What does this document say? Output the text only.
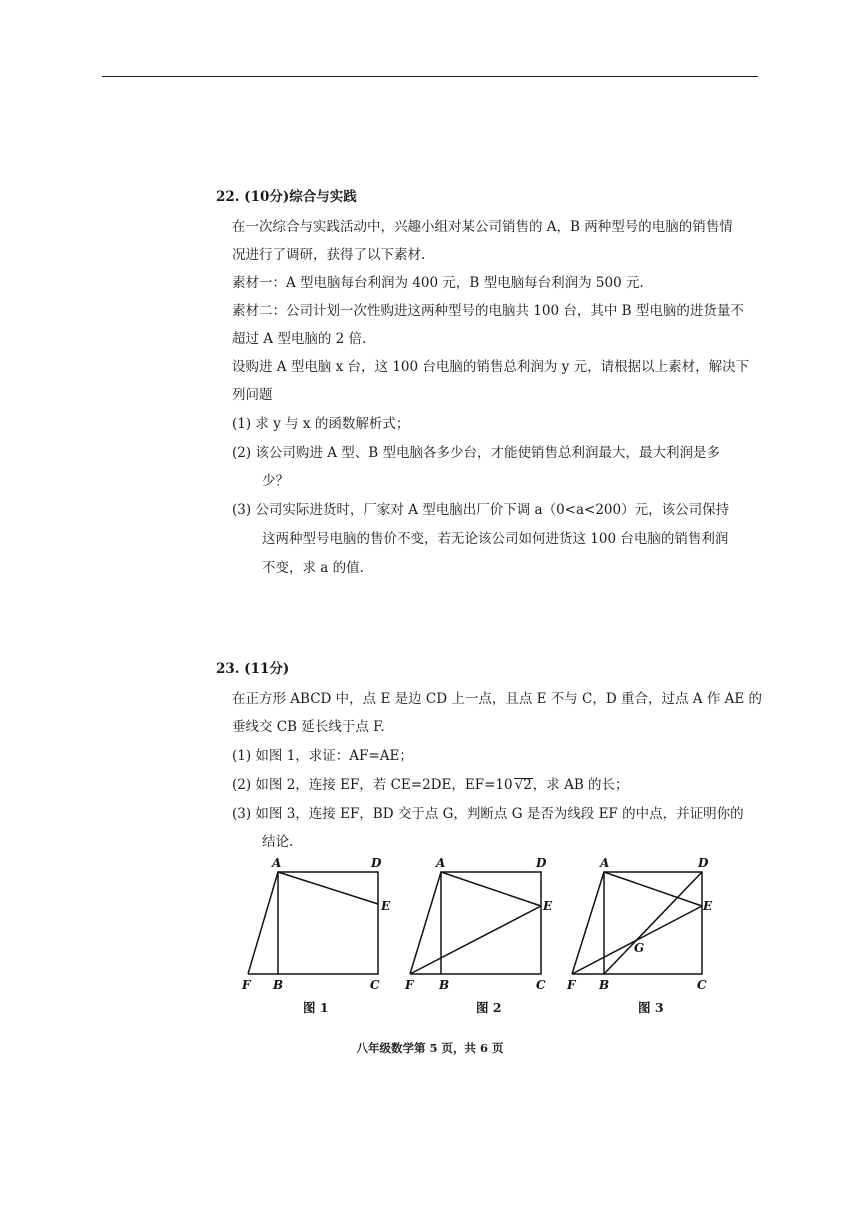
22. (10分)综合与实践
在一次综合与实践活动中，兴趣小组对某公司销售的 A，B 两种型号的电脑的销售情
况进行了调研，获得了以下素材.
素材一：A 型电脑每台利润为 400 元，B 型电脑每台利润为 500 元.
素材二：公司计划一次性购进这两种型号的电脑共 100 台，其中 B 型电脑的进货量不
超过 A 型电脑的 2 倍.
设购进 A 型电脑 x 台，这 100 台电脑的销售总利润为 y 元，请根据以上素材，解决下
列问题
(1) 求 y 与 x 的函数解析式；
(2) 该公司购进 A 型、B 型电脑各多少台，才能使销售总利润最大，最大利润是多
少？
(3) 公司实际进货时，厂家对 A 型电脑出厂价下调 a（0<a<200）元，该公司保持
这两种型号电脑的售价不变，若无论该公司如何进货这 100 台电脑的销售利润
不变，求 a 的值.
23. (11分)
在正方形 ABCD 中，点 E 是边 CD 上一点，且点 E 不与 C，D 重合，过点 A 作 AE 的
垂线交 CB 延长线于点 F.
(1) 如图 1，求证：AF=AE；
(2) 如图 2，连接 EF，若 CE=2DE，EF=10 √2，求 AB 的长；
(3) 如图 3，连接 EF，BD 交于点 G，判断点 G 是否为线段 EF 的中点，并证明你的
结论.
A	D
E
F B	C
图 1
A	D
E
F B	C
图 2
A	D
E
G
F B	C
图 3
八年级数学第 5 页，共 6 页
